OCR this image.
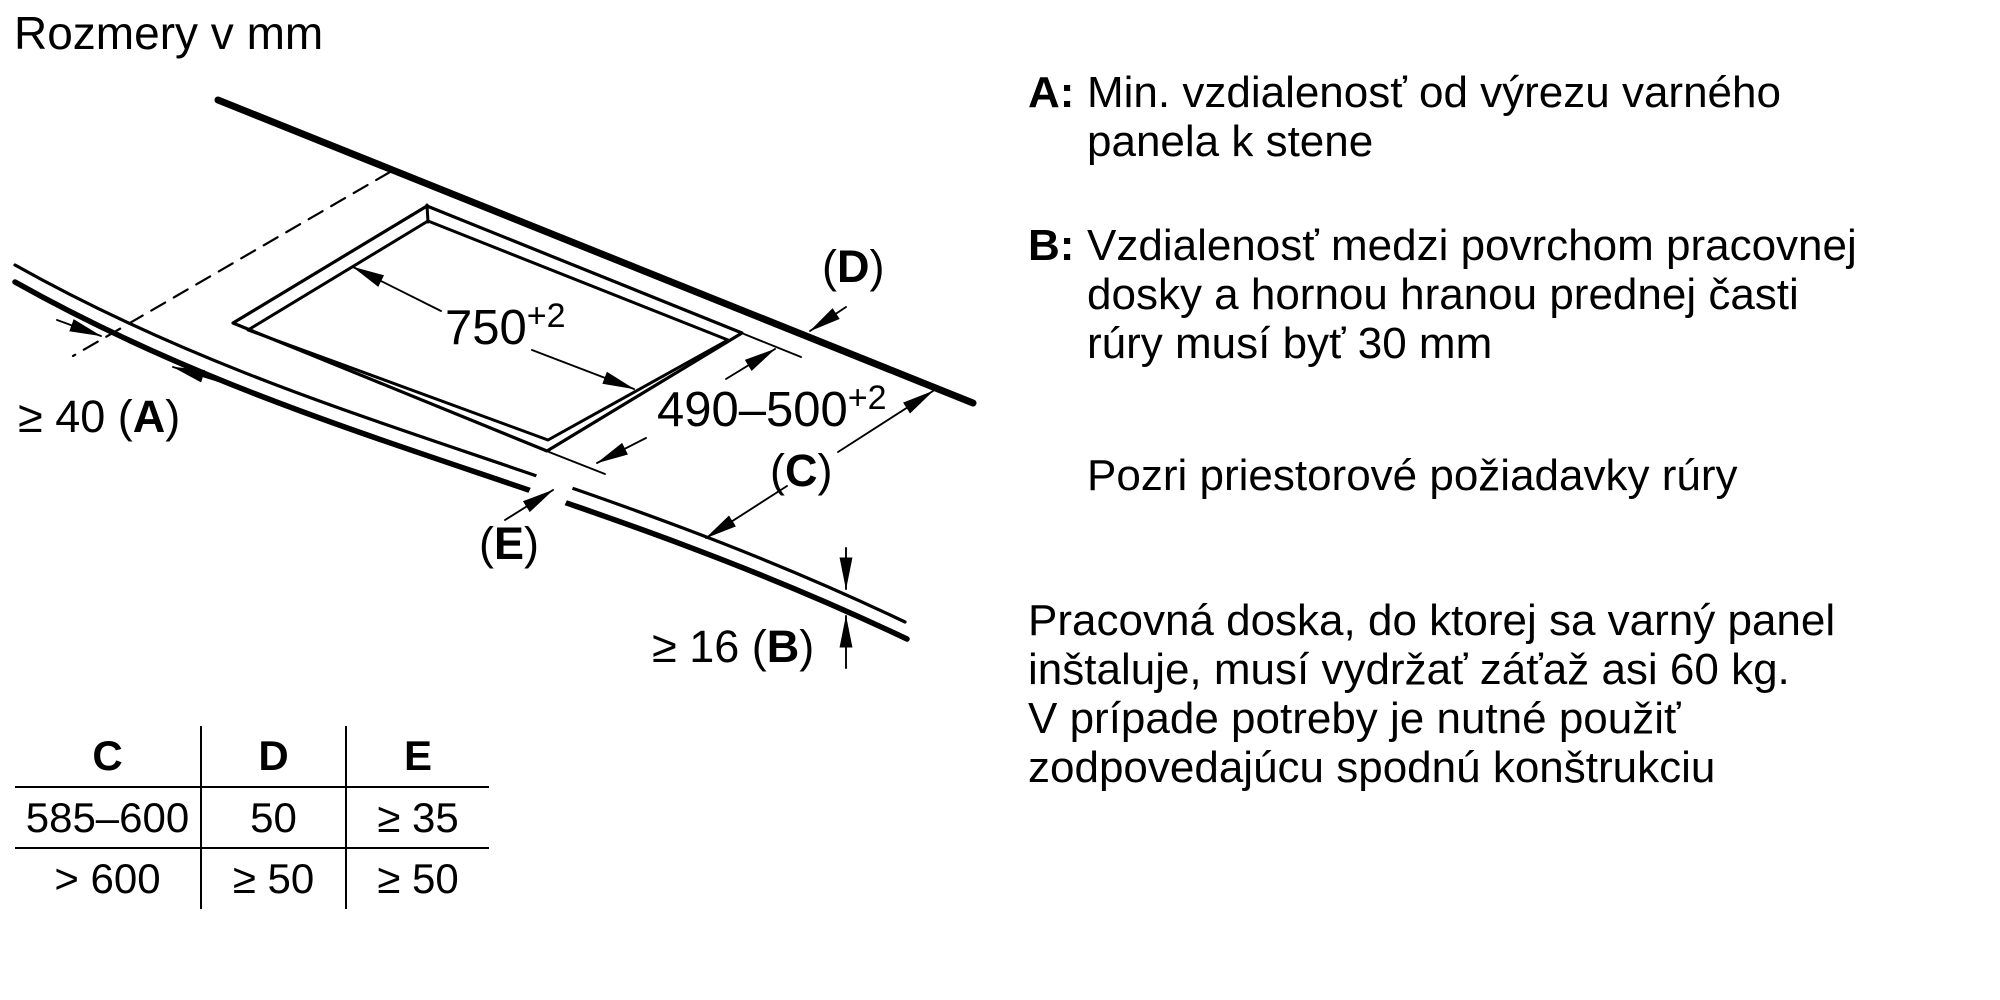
Rozmery v mm
$750^{+2}$
$490-500^{+2}$
≥ 40 (A)
≥ 16 (B)
(C)
(D)
(E)
A: Min. vzdialenosť od výrezu varného
panela k stene
B: Vzdialenosť medzi povrchom pracovnej
dosky a hornou hranou prednej časti
rúry musí byť 30 mm
Pozri priestorové požiadavky rúry
Pracovná doska, do ktorej sa varný panel
inštaluje, musí vydržať záťaž asi 60 kg.
V prípade potreby je nutné použiť
zodpovedajúcu spodnú konštrukciu
C	D	E
585–600	50	≥ 35
> 600	≥ 50	≥ 50
